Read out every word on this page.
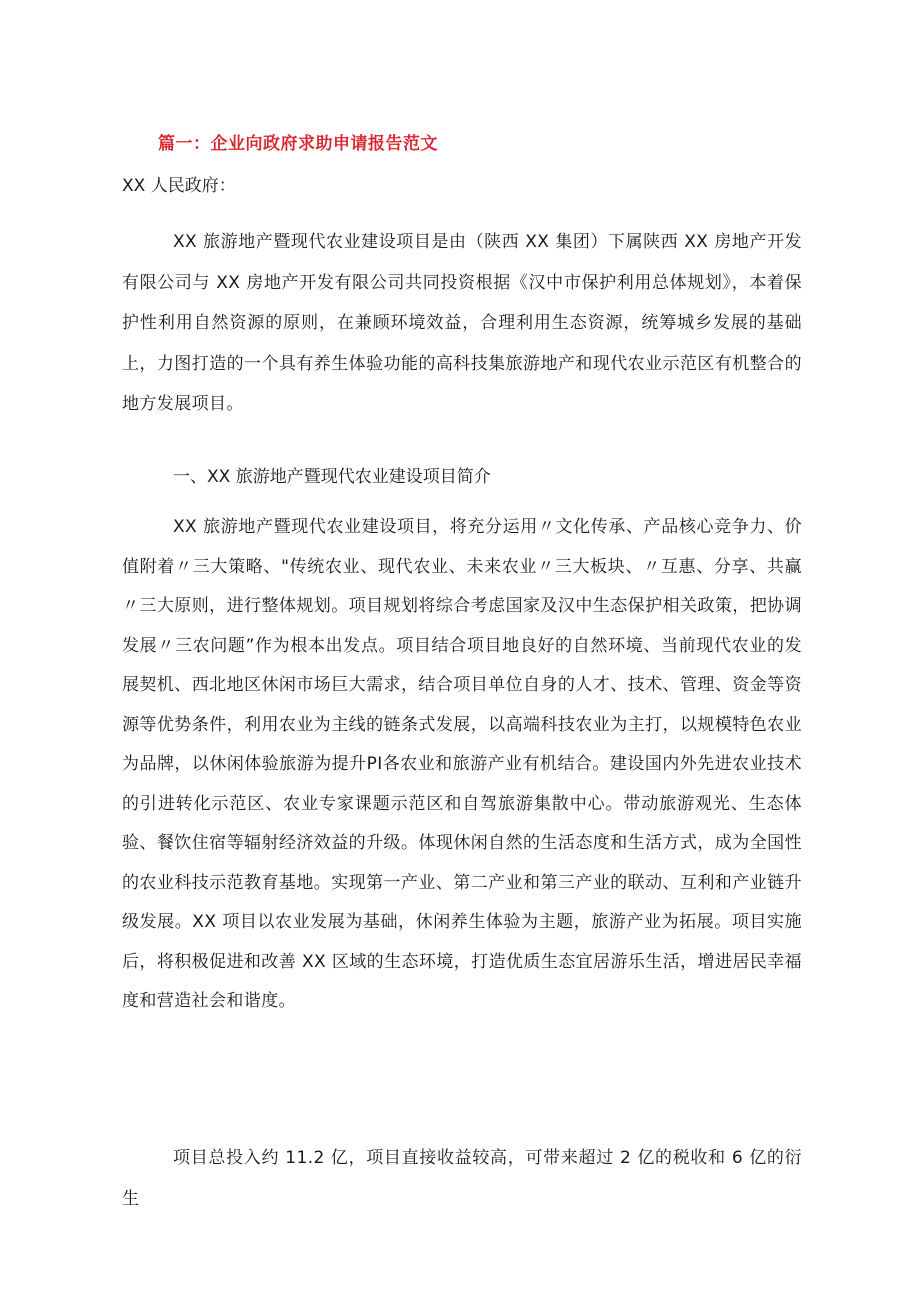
篇一：企业向政府求助申请报告范文
XX 人民政府：

XX 旅游地产暨现代农业建设项目是由（陕西 XX 集团）下属陕西 XX 房地产开发有限公司与 XX 房地产开发有限公司共同投资根据《汉中市保护利用总体规划》，本着保护性利用自然资源的原则，在兼顾环境效益，合理利用生态资源，统筹城乡发展的基础上，力图打造的一个具有养生体验功能的高科技集旅游地产和现代农业示范区有机整合的地方发展项目。

一、XX 旅游地产暨现代农业建设项目简介

XX 旅游地产暨现代农业建设项目，将充分运用〃文化传承、产品核心竞争力、价值附着〃三大策略、"传统农业、现代农业、未来农业〃三大板块、〃互惠、分享、共赢〃三大原则，进行整体规划。项目规划将综合考虑国家及汉中生态保护相关政策，把协调发展〃三农问题”作为根本出发点。项目结合项目地良好的自然环境、当前现代农业的发展契机、西北地区休闲市场巨大需求，结合项目单位自身的人才、技术、管理、资金等资源等优势条件，利用农业为主线的链条式发展，以高端科技农业为主打，以规模特色农业为品牌，以休闲体验旅游为提升PI各农业和旅游产业有机结合。建设国内外先进农业技术的引进转化示范区、农业专家课题示范区和自驾旅游集散中心。带动旅游观光、生态体验、餐饮住宿等辐射经济效益的升级。体现休闲自然的生活态度和生活方式，成为全国性的农业科技示范教育基地。实现第一产业、第二产业和第三产业的联动、互利和产业链升级发展。XX 项目以农业发展为基础，休闲养生体验为主题，旅游产业为拓展。项目实施后，将积极促进和改善 XX 区域的生态环境，打造优质生态宜居游乐生活，增进居民幸福度和营造社会和谐度。

项目总投入约 11.2 亿，项目直接收益较高，可带来超过 2 亿的税收和 6 亿的衍生
